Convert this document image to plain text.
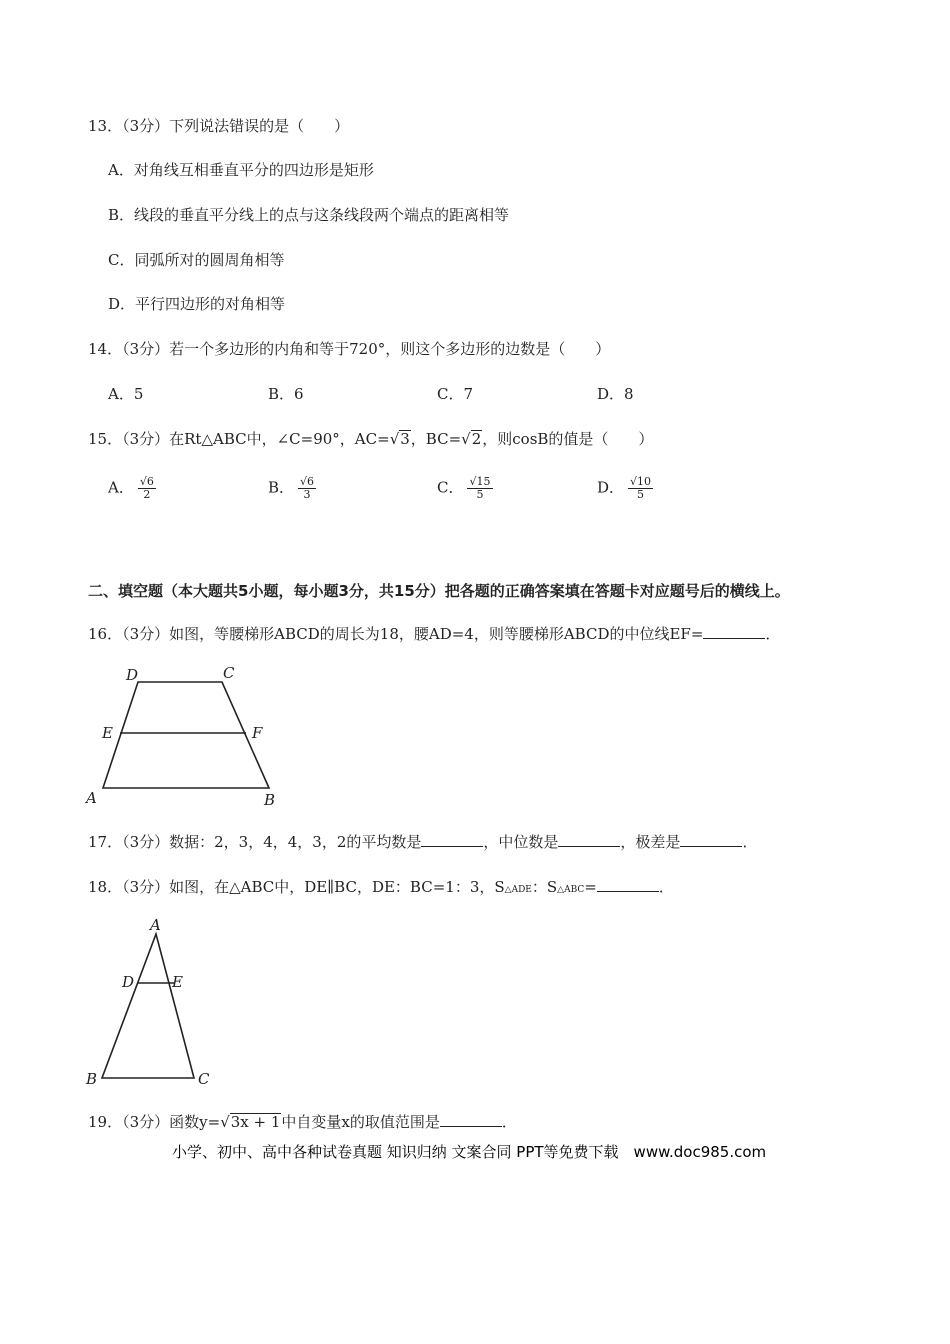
13．（3分）下列说法错误的是（　　）
A．对角线互相垂直平分的四边形是矩形
B．线段的垂直平分线上的点与这条线段两个端点的距离相等
C．同弧所对的圆周角相等
D．平行四边形的对角相等
14．（3分）若一个多边形的内角和等于720°，则这个多边形的边数是（　　）
A．5	B．6	C．7	D．8
15．（3分）在Rt△ABC中，∠C=90°，AC=√3，BC=√2，则cosB的值是（　　）
A． $\frac{√6}{2}$	B． $\frac{√6}{3}$	C． $\frac{√15}{5}$	D． $\frac{√10}{5}$
二、填空题（本大题共5小题，每小题3分，共15分）把各题的正确答案填在答题卡对应题号后的横线上。
16．（3分）如图，等腰梯形ABCD的周长为18，腰AD=4，则等腰梯形ABCD的中位线EF=	．
D	C
E	F
A	B
17．（3分）数据：2，3，4，4，3，2的平均数是	，中位数是	，极差是	．
18．（3分）如图，在△ABC中，DE∥BC，DE：BC=1：3，S△ADE：S△ABC=	．
A
D	E
B	C
19．（3分）函数y=√3x + 1中自变量x的取值范围是	．
小学、初中、高中各种试卷真题 知识归纳 文案合同 PPT等免费下载　www.doc985.com
